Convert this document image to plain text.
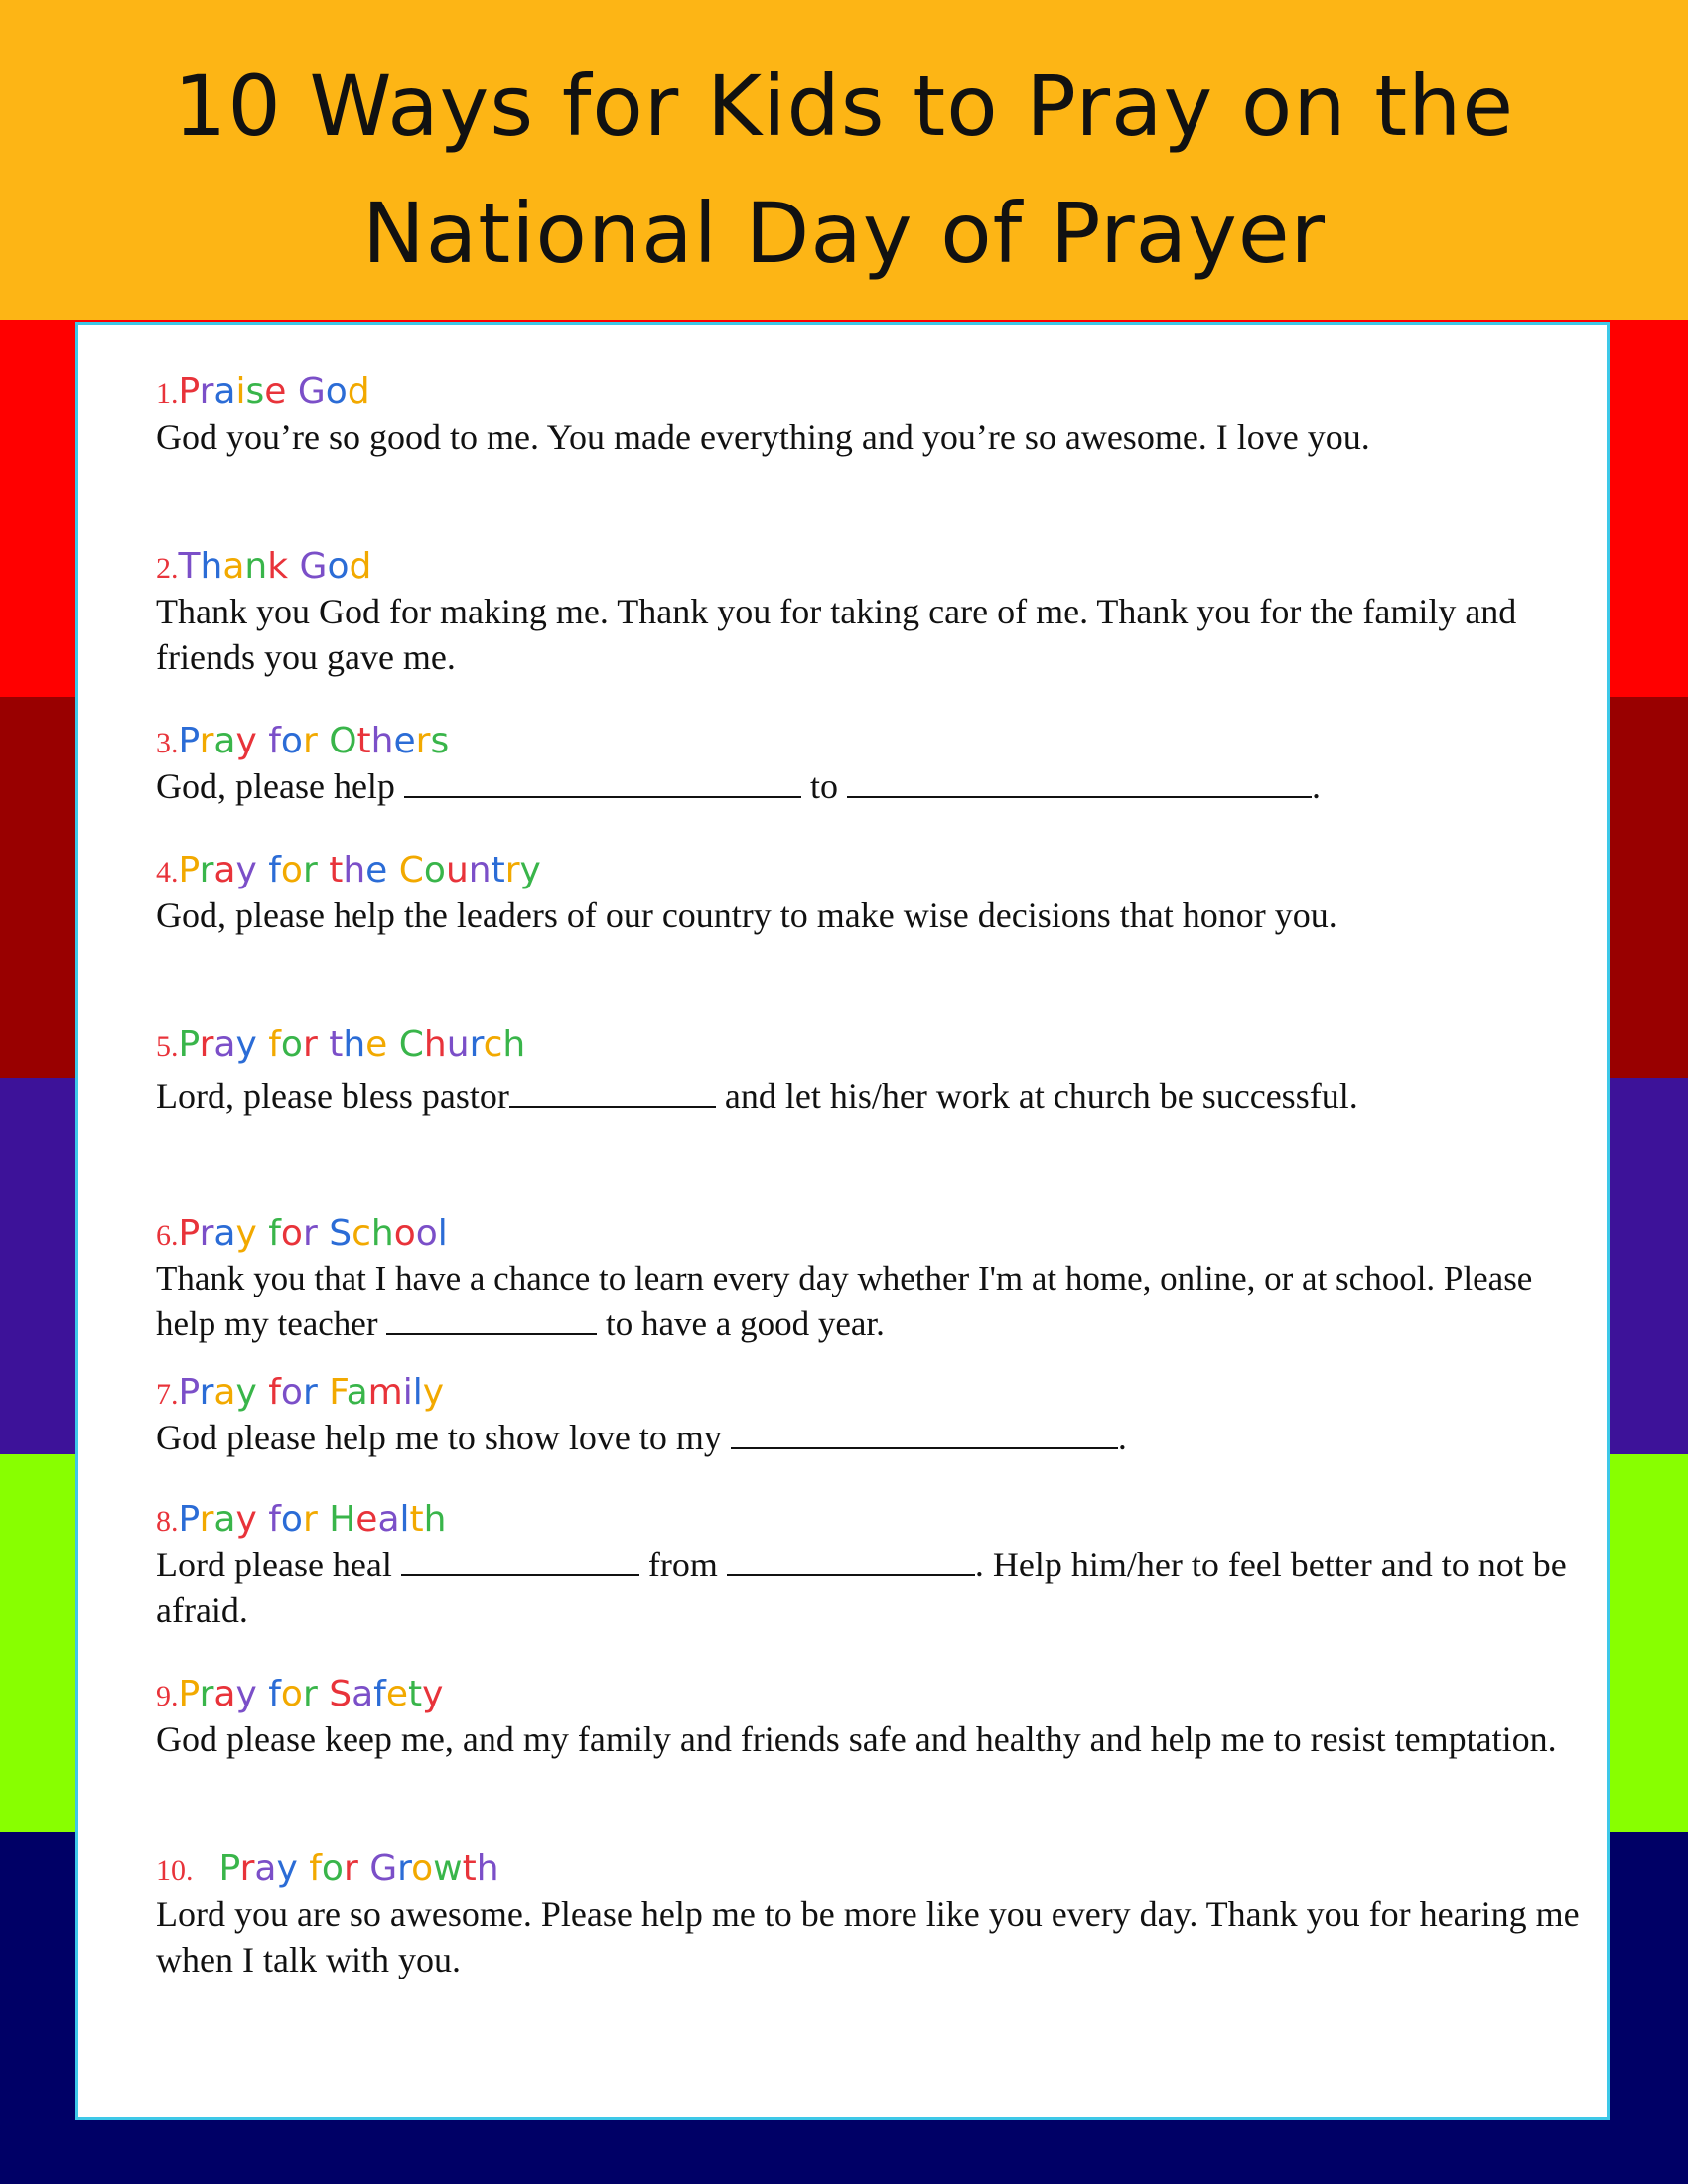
10 Ways for Kids to Pray on the
National Day of Prayer
1.Praise God
God you’re so good to me. You made everything and you’re so awesome. I love you.
2.Thank God
Thank you God for making me. Thank you for taking care of me. Thank you for the family and friends you gave me.
3.Pray for Others
God, please help	to	.
4.Pray for the Country
God, please help the leaders of our country to make wise decisions that honor you.
5.Pray for the Church
Lord, please bless pastor	and let his/her work at church be successful.
6.Pray for School
Thank you that I have a chance to learn every day whether I'm at home, online, or at school. Please help my teacher	to have a good year.
7.Pray for Family
God please help me to show love to my	.
8.Pray for Health
Lord please heal	from	. Help him/her to feel better and to not be afraid.
9.Pray for Safety
God please keep me, and my family and friends safe and healthy and help me to resist temptation.
10. Pray for Growth
Lord you are so awesome. Please help me to be more like you every day. Thank you for hearing me when I talk with you.
